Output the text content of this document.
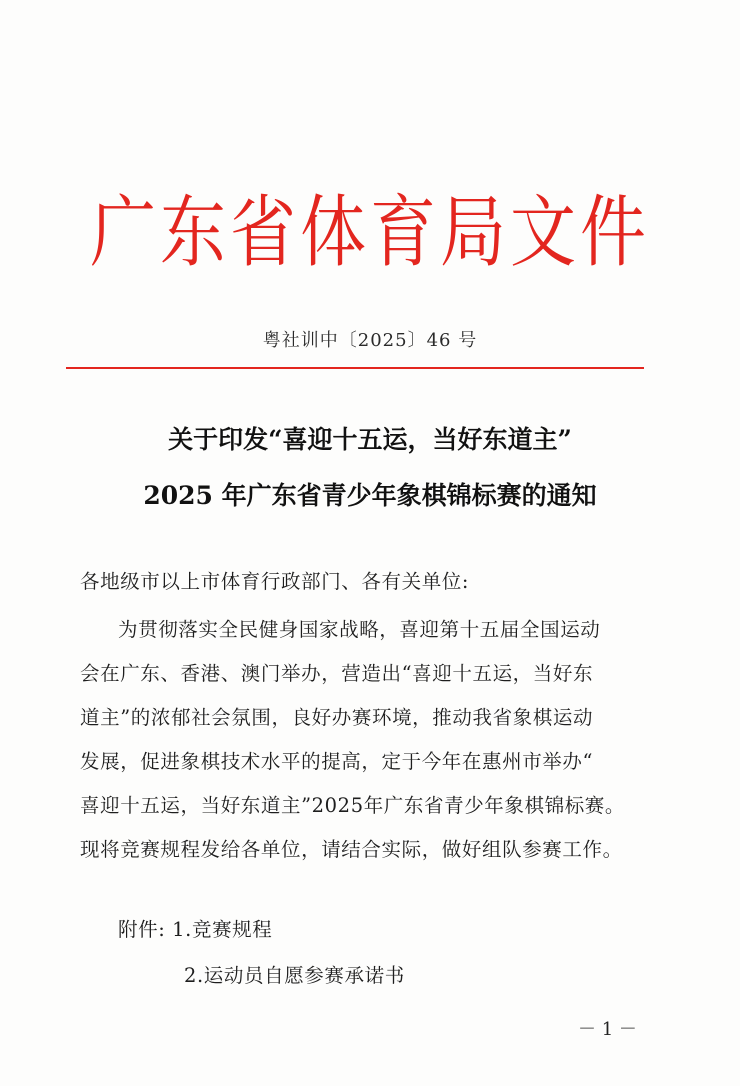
广东省体育局文件
粤社训中〔2025〕46 号
关于印发“喜迎十五运，当好东道主”
2025 年广东省青少年象棋锦标赛的通知
各地级市以上市体育行政部门、各有关单位:
为贯彻落实全民健身国家战略，喜迎第十五届全国运动
会在广东、香港、澳门举办，营造出“喜迎十五运，当好东
道主”的浓郁社会氛围，良好办赛环境，推动我省象棋运动
发展，促进象棋技术水平的提高，定于今年在惠州市举办“
喜迎十五运，当好东道主”2025年广东省青少年象棋锦标赛。
现将竞赛规程发给各单位，请结合实际，做好组队参赛工作。
附件: 1.竞赛规程
2.运动员自愿参赛承诺书
－ 1 －
